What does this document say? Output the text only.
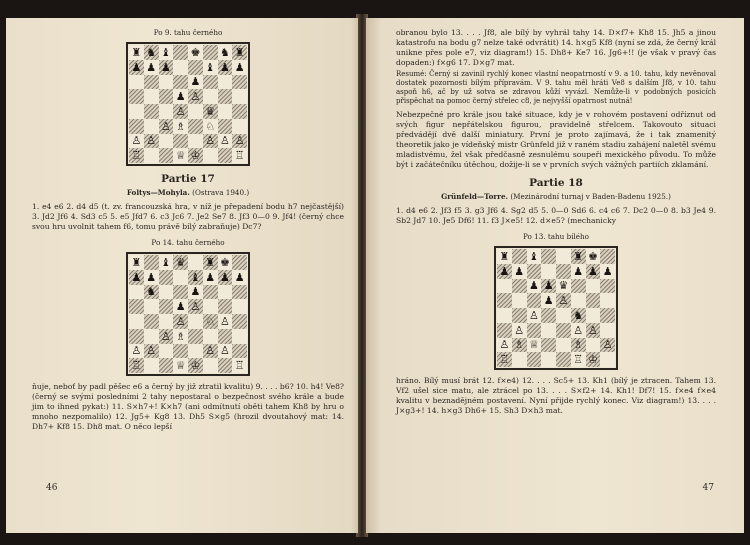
Po 9. tahu černého
♜ ♞ ♝ ♚ ♞ ♜
♟ ♟ ♟	♝ ♟ ♟
♟
♟ ♙
♙ ♛
♙ ♗ ♘
♙ ♙	♙ ♙ ♙
♖	♕ ♔	♖
Partie 17
Foltys—Mohyla. (Ostrava 1940.)

1. e4 e6 2. d4 d5 (t. zv. francouzská hra, v níž je přepadení bodu h7 nejčastější) 3. Jd2 Jf6 4. Sd3 c5 5. e5 Jfd7 6. c3 Jc6 7. Je2 Se7 8. Jf3 0—0 9. Jf4! (černý chce svou hru uvolnit tahem f6, tomu právě bílý zabraňuje) Dc7?

Po 14. tahu černého
♜ ♝ ♛ ♜ ♚
♟ ♟	♝ ♟ ♟ ♟
♞	♟
♟ ♙
♙ ♘ ♙
♙ ♗
♙ ♙	♙ ♙
♖	♕ ♔	♖

ňuje, neboť by padl pěšec e6 a černý by již ztratil kvalitu) 9. . . . b6? 10. h4! Ve8? (černý se svými posledními 2 tahy nepostaral o bezpečnost svého krále a bude jim to ihned pykat:) 11. S×h7+! K×h7 (ani odmítnutí oběti tahem Kh8 by hru o mnoho nezpomalilo) 12. Jg5+ Kg8 13. Dh5 S×g5 (hrozil dvoutahový mat: 14. Dh7+ Kf8 15. Dh8 mat. O něco lepší

46

obranou bylo 13. . . . Jf8, ale bílý by vyhrál tahy 14. D×f7+ Kh8 15. Jh5 a jinou katastrofu na bodu g7 nelze také odvrátit) 14. h×g5 Kf8 (nyní se zdá, že černý král unikne přes pole e7, viz diagram!) 15. Dh8+ Ke7 16. Jg6+!! (je však v pravý čas dopaden:) f×g6 17. D×g7 mat.

Resumé: Černý si zavinil rychlý konec vlastní neopatrností v 9. a 10. tahu, kdy nevěnoval dostatek pozornosti bílým přípravám. V 9. tahu měl hráti Ve8 s dalším Jf8, v 10. tahu aspoň h6, ač by už sotva se zdravou kůží vyvázl. Nemůže-li v podobných posicích přispěchat na pomoc černý střelec c8, je nejvyšší opatrnost nutná!

Nebezpečné pro krále jsou také situace, kdy je v rohovém postavení odříznut od svých figur nepřátelskou figurou, pravidelně střelcem. Takovouto situaci předvádějí dvě další miniatury. První je proto zajímavá, že i tak znamenitý theoretik jako je vídeňský mistr Grünfeld již v raném stadiu zahájení naletěl svému mladistvému, žel však předčasně zesnulému soupeři mexického původu. To může být i začátečníku útěchou, dožije-li se v prvních svých vážných partiích zklamání.

Partie 18
Grünfeld—Torre. (Mezinárodní turnaj v Baden-Badenu 1925.)

1. d4 e6 2. Jf3 f5 3. g3 Jf6 4. Sg2 d5 5. 0—0 Sd6 6. c4 c6 7. Dc2 0—0 8. b3 Je4 9. Sb2 Jd7 10. Je5 Df6! 11. f3 J×e5! 12. d×e5? (mechanicky

Po 13. tahu bílého
♜ ♝	♜ ♚
♟ ♟	♟ ♟ ♟
♟ ♟ ♛
♟ ♙
♙	♞
♙	♙ ♙
♙ ♗ ♕	♗ ♙
♖	♖ ♔

hráno. Bílý musí brát 12. f×e4) 12. . . . Sc5+ 13. Kh1 (bílý je ztracen. Tahem 13. Vf2 ušel sice matu, ale ztrácel po 13. . . . S×f2+ 14. Kh1! Df7! 15. f×e4 f×e4 kvalitu v beznadějném postavení. Nyní přijde rychlý konec. Viz diagram!) 13. . . . J×g3+! 14. h×g3 Dh6+ 15. Sh3 D×h3 mat.

47
